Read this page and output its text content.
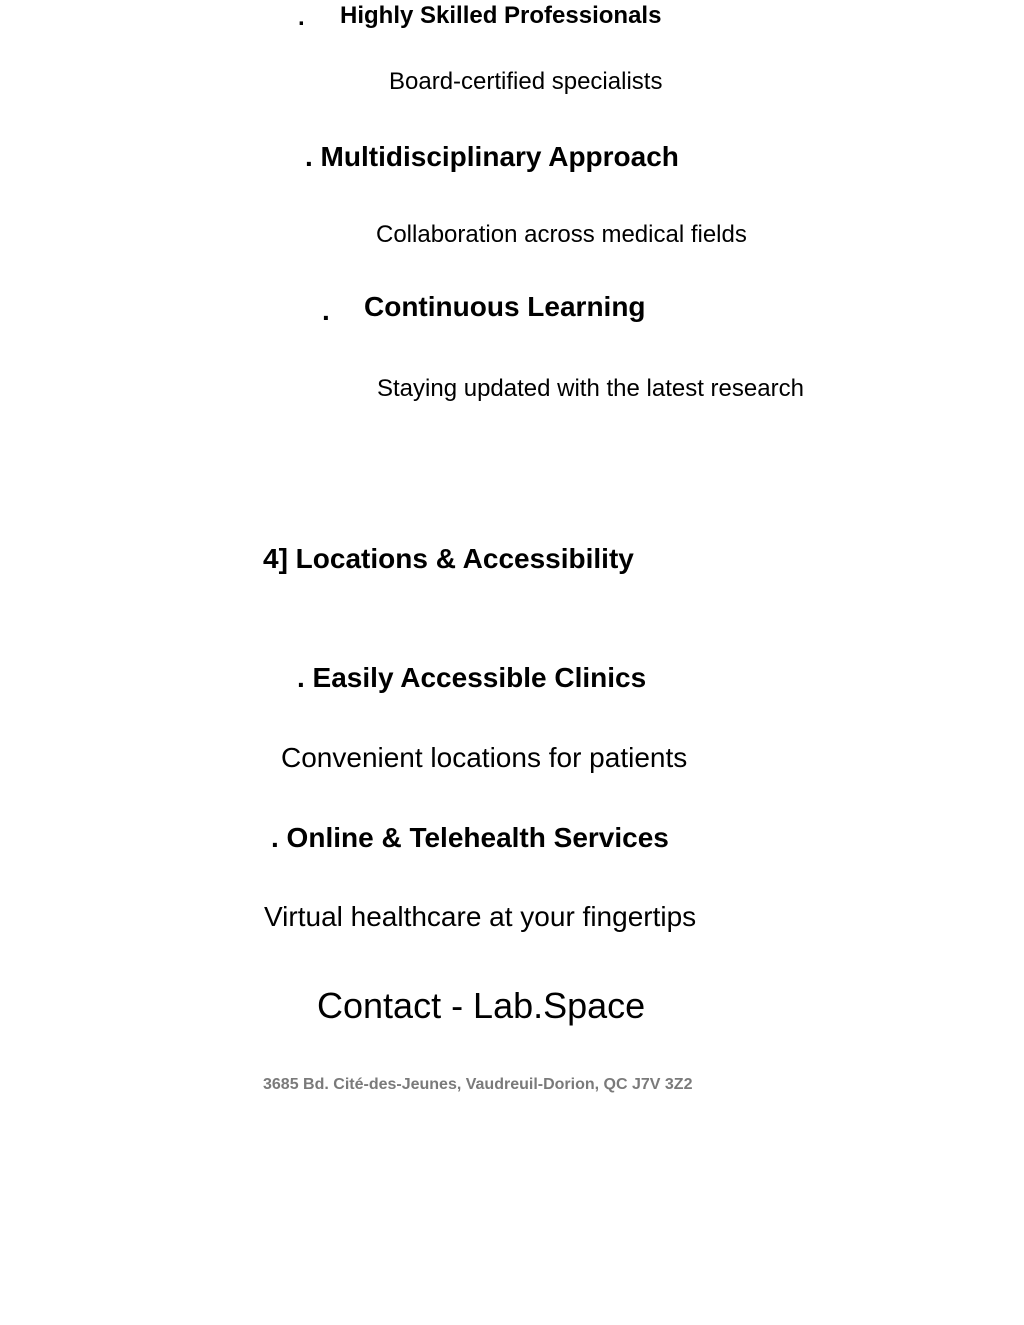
. Highly Skilled Professionals
Board-certified specialists
. Multidisciplinary Approach
Collaboration across medical fields
. Continuous Learning
Staying updated with the latest research
4] Locations & Accessibility
. Easily Accessible Clinics
Convenient locations for patients
. Online & Telehealth Services
Virtual healthcare at your fingertips
Contact - Lab.Space
3685 Bd. Cité-des-Jeunes, Vaudreuil-Dorion, QC J7V 3Z2
